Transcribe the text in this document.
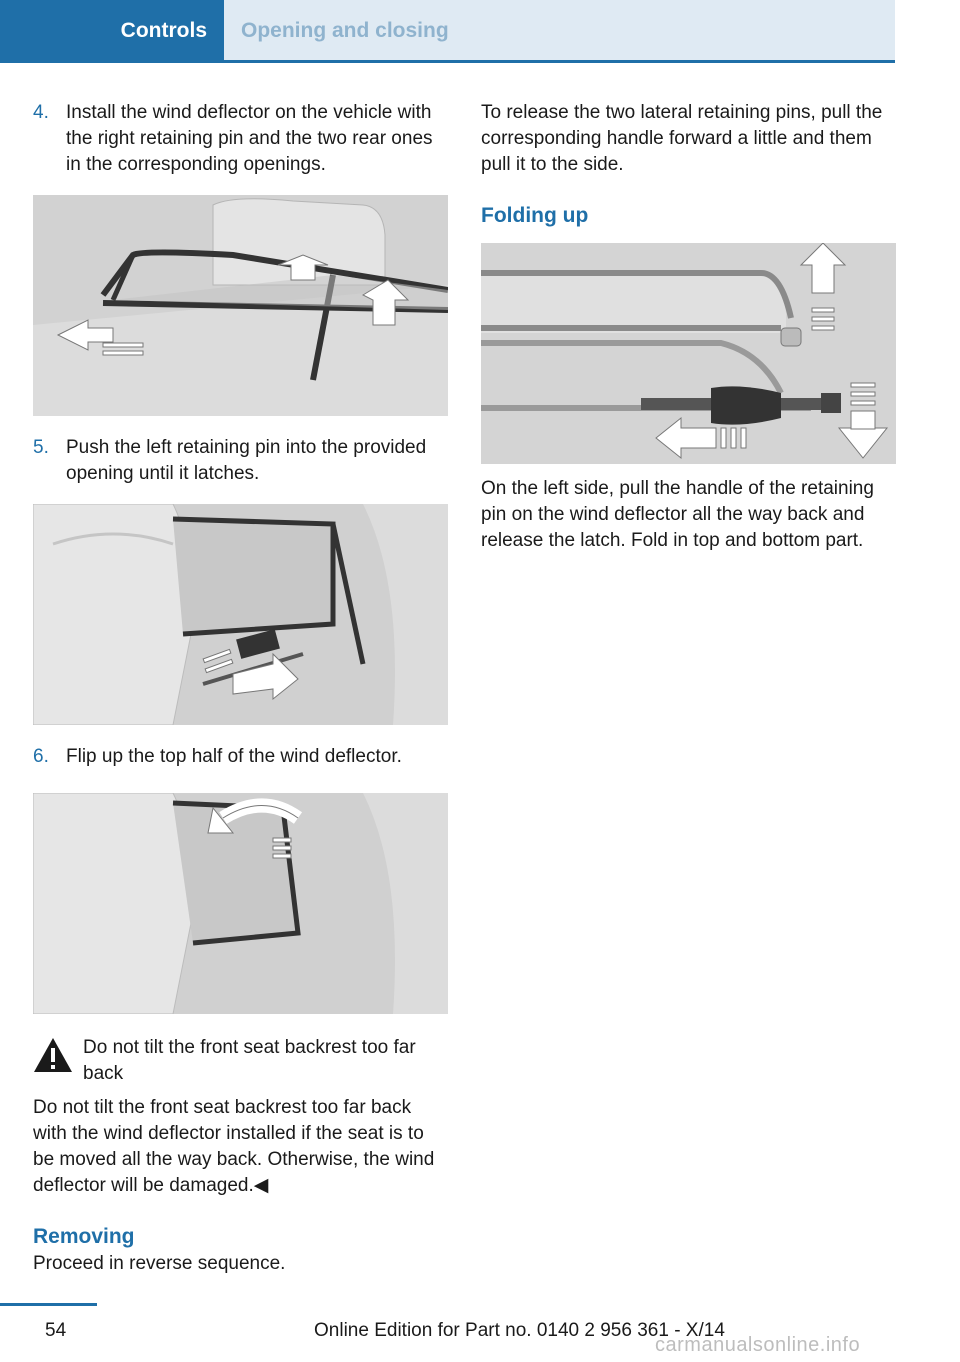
Controls	Opening and closing
4. Install the wind deflector on the vehicle with the right retaining pin and the two rear ones in the corresponding openings.
5. Push the left retaining pin into the provided opening until it latches.
6. Flip up the top half of the wind deflector.
Do not tilt the front seat backrest too far back
Do not tilt the front seat backrest too far back with the wind deflector installed if the seat is to be moved all the way back. Otherwise, the wind deflector will be damaged.◀
Removing
Proceed in reverse sequence.
To release the two lateral retaining pins, pull the corresponding handle forward a little and them pull it to the side.
Folding up
On the left side, pull the handle of the retaining pin on the wind deflector all the way back and release the latch. Fold in top and bottom part.
54	Online Edition for Part no. 0140 2 956 361 - X/14
carmanualsonline.info
